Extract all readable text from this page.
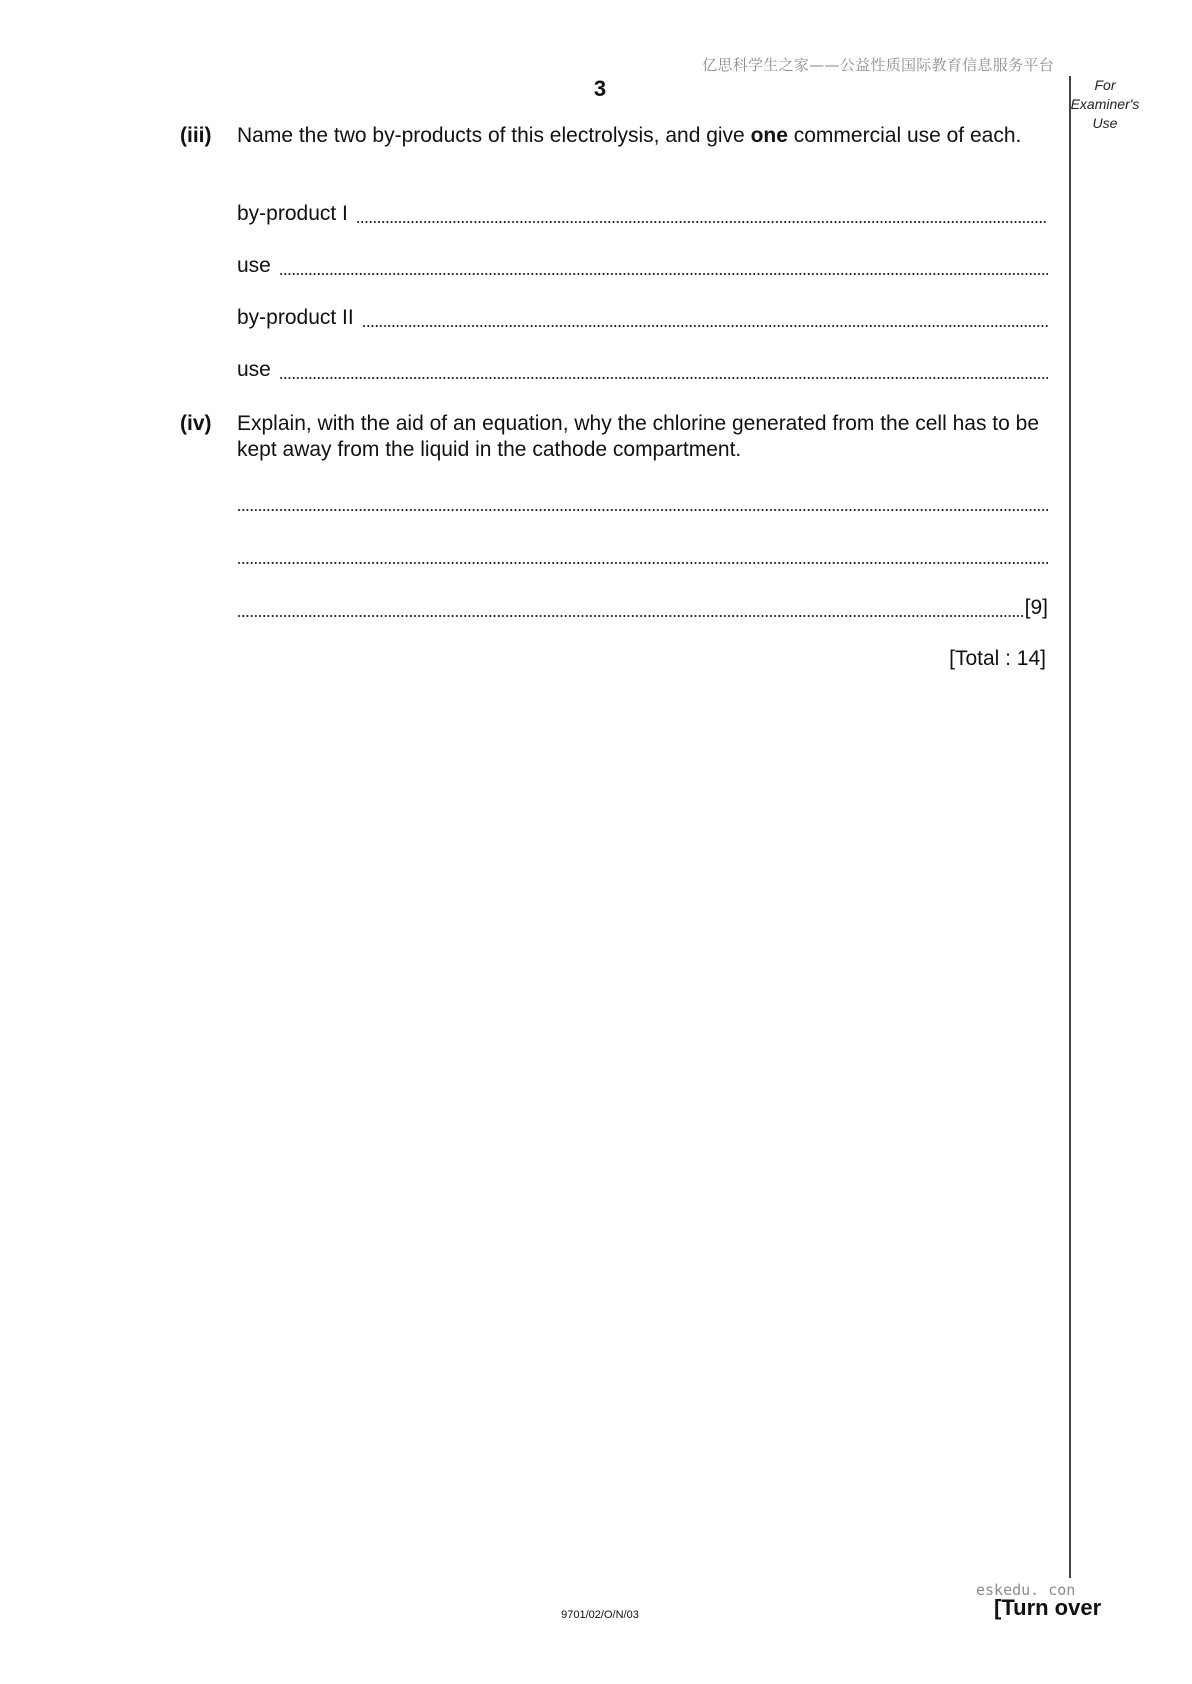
亿思科学生之家——公益性质国际教育信息服务平台
3	For
Examiner's
Use
(iii) Name the two by-products of this electrolysis, and give one commercial use of each.
by-product I
use
by-product II
use
(iv) Explain, with the aid of an equation, why the chlorine generated from the cell has to be kept away from the liquid in the cathode compartment.
[9]
[Total : 14]
eskedu. con
9701/02/O/N/03	[Turn over
